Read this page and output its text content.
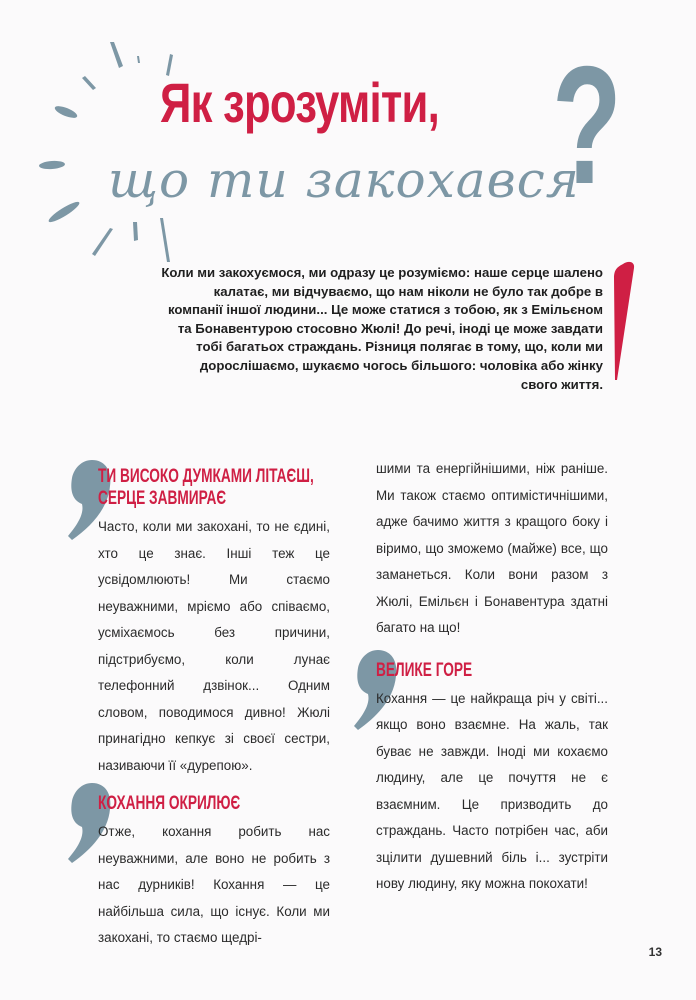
Як зрозуміти,
що ти закохався
?
Коли ми закохуємося, ми одразу це розуміємо: наше серце шалено калатає, ми відчуваємо, що нам ніколи не було так добре в компанії іншої людини... Це може статися з тобою, як з Емільєном та Бонавентурою стосовно Жюлі! До речі, іноді це може завдати тобі багатьох страждань. Різниця полягає в тому, що, коли ми дорослішаємо, шукаємо чогось більшого: чоловіка або жінку свого життя.
ТИ ВИСОКО ДУМКАМИ ЛІТАЄШ,
СЕРЦЕ ЗАВМИРАЄ
Часто, коли ми закохані, то не єдині, хто це знає. Інші теж це усвідомлюють! Ми стаємо неуважними, мріємо або співаємо, усміхаємось без причини, підстрибуємо, коли лунає телефонний дзвінок... Одним словом, поводимося дивно! Жюлі принагідно кепкує зі своєї сестри, називаючи її «дурепою».
КОХАННЯ ОКРИЛЮЄ
Отже, кохання робить нас неуважними, але воно не робить з нас дурників! Кохання — це найбільша сила, що існує. Коли ми закохані, то стаємо щедрі-
шими та енергійнішими, ніж раніше. Ми також стаємо оптимістичнішими, адже бачимо життя з кращого боку і віримо, що зможемо (майже) все, що заманеться. Коли вони разом з Жюлі, Емільєн і Бонавентура здатні багато на що!
ВЕЛИКЕ ГОРЕ
Кохання — це найкраща річ у світі... якщо воно взаємне. На жаль, так буває не завжди. Іноді ми кохаємо людину, але це почуття не є взаємним. Це призводить до страждань. Часто потрібен час, аби зцілити душевний біль і... зустріти нову людину, яку можна покохати!
13
